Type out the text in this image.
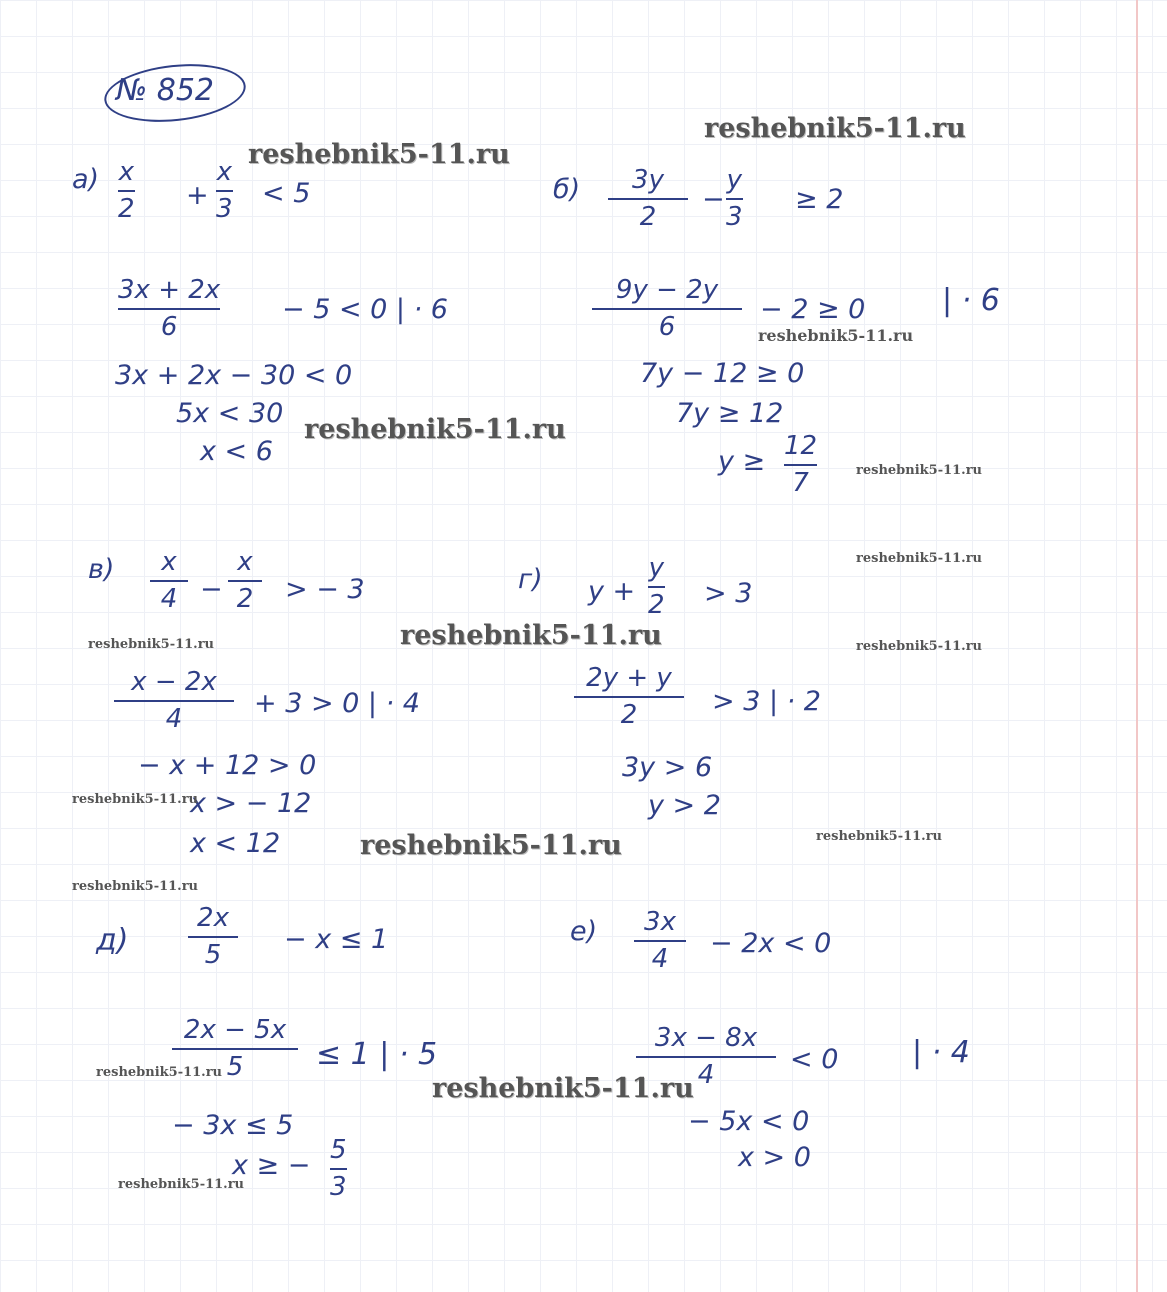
№ 852
а) x
2 +
x
3 < 5
3x + 2x
6
− 5 < 0 | · 6
3x + 2x − 30 < 0
5x < 30
x < 6
б) 3y
2
−
y
3
≥ 2
9y − 2y
6
− 2 ≥ 0	| · 6
7y − 12 ≥ 0
7y ≥ 12
y ≥ 12
7
в) x
4 −
x
2 > − 3
x − 2x
4	+ 3 > 0 | · 4
− x + 12 > 0
x > − 12
x < 12
г) y +
y
2 > 3
2y + y
2	> 3 | · 2
3y > 6
y > 2
д)
2x
5 − x ≤ 1
2x − 5x
5 ≤ 1 | · 5
− 3x ≤ 5
x ≥ − 5
3
е) 3x
4 − 2x < 0
3x − 8x
4	< 0 | · 4
− 5x < 0
x > 0
reshebnik5-11.ru
reshebnik5-11.ru
reshebnik5-11.ru
reshebnik5-11.ru
reshebnik5-11.ru
reshebnik5-11.ru
reshebnik5-11.ru
reshebnik5-11.ru
reshebnik5-11.ru
reshebnik5-11.ru	reshebnik5-11.ru
reshebnik5-11.ru
reshebnik5-11.ru
reshebnik5-11.ru
reshebnik5-11.ru
reshebnik5-11.ru
